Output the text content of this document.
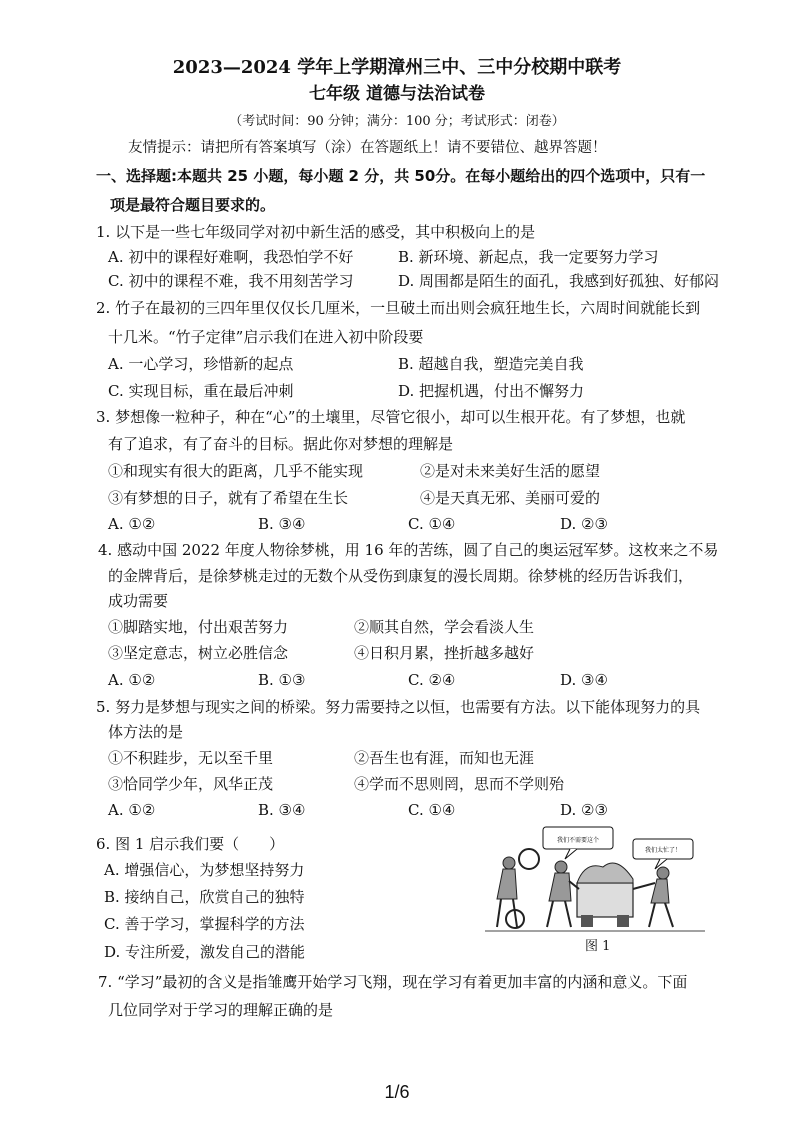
2023—2024 学年上学期漳州三中、三中分校期中联考
七年级 道德与法治试卷
（考试时间：90 分钟；满分：100 分；考试形式：闭卷）
友情提示：请把所有答案填写（涂）在答题纸上！请不要错位、越界答题！
一、选择题:本题共 25 小题，每小题 2 分，共 50分。在每小题给出的四个选项中，只有一
项是最符合题目要求的。
1. 以下是一些七年级同学对初中新生活的感受，其中积极向上的是
A. 初中的课程好难啊，我恐怕学不好	B. 新环境、新起点，我一定要努力学习
C. 初中的课程不难，我不用刻苦学习	D. 周围都是陌生的面孔，我感到好孤独、好郁闷
2. 竹子在最初的三四年里仅仅长几厘米，一旦破土而出则会疯狂地生长，六周时间就能长到
十几米。“竹子定律”启示我们在进入初中阶段要
A. 一心学习，珍惜新的起点	B. 超越自我，塑造完美自我
C. 实现目标，重在最后冲刺	D. 把握机遇，付出不懈努力
3. 梦想像一粒种子，种在“心”的土壤里，尽管它很小，却可以生根开花。有了梦想，也就
有了追求，有了奋斗的目标。据此你对梦想的理解是
①和现实有很大的距离，几乎不能实现	②是对未来美好生活的愿望
③有梦想的日子，就有了希望在生长	④是天真无邪、美丽可爱的
A. ①②	B. ③④	C. ①④	D. ②③
4. 感动中国 2022 年度人物徐梦桃，用 16 年的苦练，圆了自己的奥运冠军梦。这枚来之不易
的金牌背后，是徐梦桃走过的无数个从受伤到康复的漫长周期。徐梦桃的经历告诉我们，
成功需要
①脚踏实地，付出艰苦努力	②顺其自然，学会看淡人生
③坚定意志，树立必胜信念	④日积月累，挫折越多越好
A. ①②	B. ①③	C. ②④	D. ③④
5. 努力是梦想与现实之间的桥梁。努力需要持之以恒，也需要有方法。以下能体现努力的具
体方法的是
①不积跬步，无以至千里	②吾生也有涯，而知也无涯
③恰同学少年，风华正茂	④学而不思则罔，思而不学则殆
A. ①②	B. ③④	C. ①④	D. ②③
6. 图 1 启示我们要（　　）
A. 增强信心，为梦想坚持努力
B. 接纳自己，欣赏自己的独特
C. 善于学习，掌握科学的方法
D. 专注所爱，激发自己的潜能
我们不需要这个
我们太忙了！
图 1
7. “学习”最初的含义是指雏鹰开始学习飞翔，现在学习有着更加丰富的内涵和意义。下面
几位同学对于学习的理解正确的是
1/6
